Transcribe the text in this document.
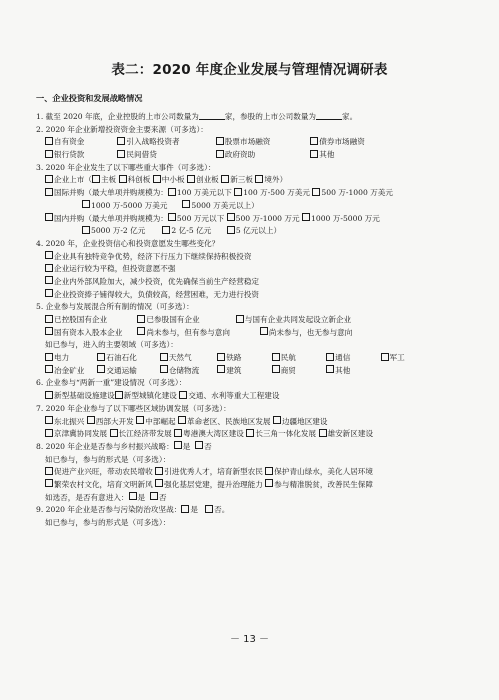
表二：2020 年度企业发展与管理情况调研表
一、企业投资和发展战略情况
1. 截至 2020 年底，企业控股的上市公司数量为	家，参股的上市公司数量为	家。
2. 2020 年企业新增投资资金主要来源（可多选）：
自有资金	引入战略投资者	股票市场融资	债券市场融资
银行贷款	民间借贷	政府资助	其他
3. 2020 年企业发生了以下哪些重大事件（可多选）：
企业上市（ 主板 科创板 中小板 创业板 新三板 境外）
国际并购（最大单项并购规模为： 100 万美元以下 100 万-500 万美元 500 万-1000 万美元
1000 万-5000 万美元	5000 万美元以上）
国内并购（最大单项并购规模为： 500 万元以下 500 万-1000 万元 1000 万-5000 万元
5000 万-2 亿元	2 亿-5 亿元	5 亿元以上）
4. 2020 年，企业投资信心和投资意愿发生哪些变化？
企业具有独特竞争优势，经济下行压力下继续保持积极投资
企业运行较为平稳，但投资意愿不强
企业内外部风险加大，减少投资，优先确保当前生产经营稳定
企业投资捧子铺得较大，负债较高，经营困难，无力进行投资
5. 企业参与发展混合所有制的情况（可多选）：
已控股国有企业	已参股国有企业	与国有企业共同发起设立新企业
国有资本入股本企业	尚未参与，但有参与意向	尚未参与，也无参与意向
如已参与，进入的主要领域（可多选）：
电力	石油石化	天然气	铁路	民航	通信	军工
冶金矿业	交通运输	仓储物流	建筑	商贸	其他
6. 企业参与“两新一重”建设情况（可多选）：
新型基础设施建设 新型城镇化建设 交通、水利等重大工程建设
7. 2020 年企业参与了以下哪些区域协调发展（可多选）：
东北振兴 西部大开发 中部崛起 革命老区、民族地区发展 边疆地区建设
京津冀协同发展 长江经济带发展 粤港澳大湾区建设 长三角一体化发展 雄安新区建设
8. 2020 年企业是否参与乡村振兴战略： 是 否
如已参与，参与的形式是（可多选）：
促进产业兴旺，带动农民增收 引进优秀人才，培育新型农民 保护青山绿水，美化人居环境
繁荣农村文化，培育文明新风 强化基层党建，提升治理能力 参与精准脱贫，改善民生保障
如选否，是否有意进入： 是 否
9. 2020 年企业是否参与污染防治攻坚战： 是 否。
如已参与，参与的形式是（可多选）：
－ 13 －
